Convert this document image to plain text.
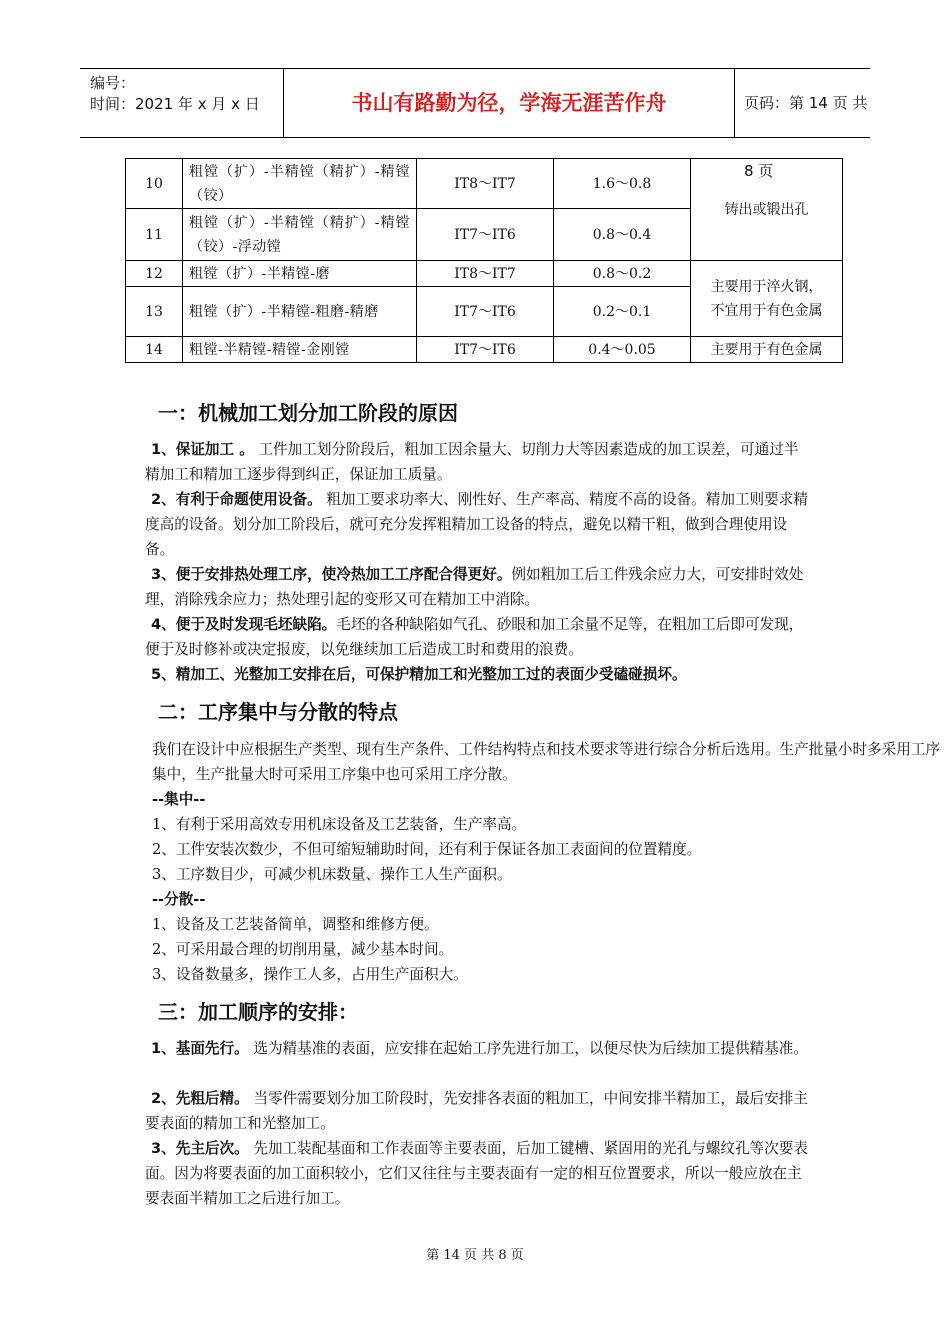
编号：
时间：2021 年 x 月 x 日	书山有路勤为径，学海无涯苦作舟	页码：第 14 页 共 8 页
10	粗镗（扩）-半精镗（精扩）-精镗（铰）	IT8～IT7	1.6～0.8	铸出或锻出孔
11	粗镗（扩）-半精镗（精扩）-精镗（铰）-浮动镗	IT7～IT6	0.8～0.4	
12	粗镗（扩）-半精镗-磨	IT8～IT7	0.8～0.2	主要用于淬火钢，
不宜用于有色金属

13	粗镗（扩）-半精镗-粗磨-精磨	IT7～IT6	0.2～0.1	
14	粗镗-半精镗-精镗-金刚镗	IT7～IT6	0.4～0.05	主要用于有色金属
一：机械加工划分加工阶段的原因

1、保证加工 。 工件加工划分阶段后，粗加工因余量大、切削力大等因素造成的加工误差，可通过半精加工和精加工逐步得到纠正，保证加工质量。

2、有利于命题使用设备。 粗加工要求功率大、刚性好、生产率高、精度不高的设备。精加工则要求精度高的设备。划分加工阶段后，就可充分发挥粗精加工设备的特点，避免以精干粗，做到合理使用设备。

3、便于安排热处理工序，使冷热加工工序配合得更好。例如粗加工后工件残余应力大，可安排时效处理，消除残余应力；热处理引起的变形又可在精加工中消除。

4、便于及时发现毛坯缺陷。毛坯的各种缺陷如气孔、砂眼和加工余量不足等，在粗加工后即可发现，便于及时修补或决定报废，以免继续加工后造成工时和费用的浪费。

5、精加工、光整加工安排在后，可保护精加工和光整加工过的表面少受磕碰损坏。

二：工序集中与分散的特点

我们在设计中应根据生产类型、现有生产条件、工件结构特点和技术要求等进行综合分析后选用。生产批量小时多采用工序集中，生产批量大时可采用工序集中也可采用工序分散。

--集中--

1、有利于采用高效专用机床设备及工艺装备，生产率高。

2、工件安装次数少，不但可缩短辅助时间，还有利于保证各加工表面间的位置精度。

3、工序数目少，可减少机床数量、操作工人生产面积。

--分散--

1、设备及工艺装备简单，调整和维修方便。

2、可采用最合理的切削用量，减少基本时间。

3、设备数量多，操作工人多，占用生产面积大。

三：加工顺序的安排：

1、基面先行。 选为精基准的表面，应安排在起始工序先进行加工，以便尽快为后续加工提供精基准。

2、先粗后精。 当零件需要划分加工阶段时，先安排各表面的粗加工，中间安排半精加工，最后安排主要表面的精加工和光整加工。

3、先主后次。 先加工装配基面和工作表面等主要表面，后加工键槽、紧固用的光孔与螺纹孔等次要表面。因为将要表面的加工面积较小，它们又往往与主要表面有一定的相互位置要求，所以一般应放在主要表面半精加工之后进行加工。

第 14 页 共 8 页
